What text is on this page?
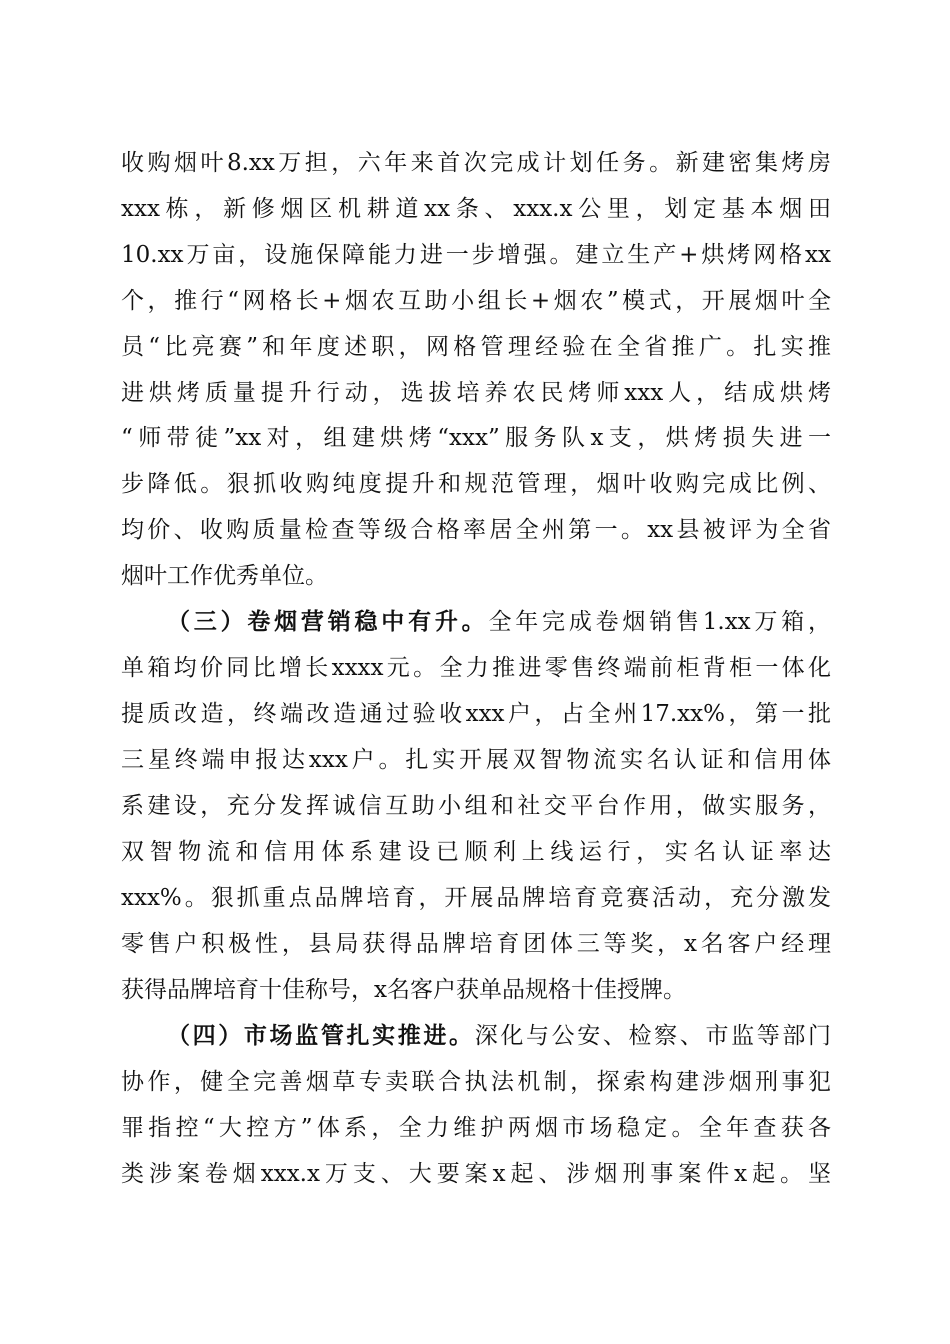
收购烟叶8.xx万担，六年来首次完成计划任务。新建密集烤房
xxx栋，新修烟区机耕道xx条、xxx.x公里，划定基本烟田
10.xx万亩，设施保障能力进一步增强。建立生产+烘烤网格xx
个，推行“网格长+烟农互助小组长+烟农”模式，开展烟叶全
员“比亮赛”和年度述职，网格管理经验在全省推广。扎实推
进烘烤质量提升行动，选拔培养农民烤师xxx人，结成烘烤
“师带徒”xx对，组建烘烤“xxx”服务队x支，烘烤损失进一
步降低。狠抓收购纯度提升和规范管理，烟叶收购完成比例、
均价、收购质量检查等级合格率居全州第一。xx县被评为全省
烟叶工作优秀单位。
（三）卷烟营销稳中有升。全年完成卷烟销售1.xx万箱，
单箱均价同比增长xxxx元。全力推进零售终端前柜背柜一体化
提质改造，终端改造通过验收xxx户，占全州17.xx%，第一批
三星终端申报达xxx户。扎实开展双智物流实名认证和信用体
系建设，充分发挥诚信互助小组和社交平台作用，做实服务，
双智物流和信用体系建设已顺利上线运行，实名认证率达
xxx%。狠抓重点品牌培育，开展品牌培育竞赛活动，充分激发
零售户积极性，县局获得品牌培育团体三等奖，x名客户经理
获得品牌培育十佳称号，x名客户获单品规格十佳授牌。
（四）市场监管扎实推进。深化与公安、检察、市监等部门
协作，健全完善烟草专卖联合执法机制，探索构建涉烟刑事犯
罪指控“大控方”体系，全力维护两烟市场稳定。全年查获各
类涉案卷烟xxx.x万支、大要案x起、涉烟刑事案件x起。坚
